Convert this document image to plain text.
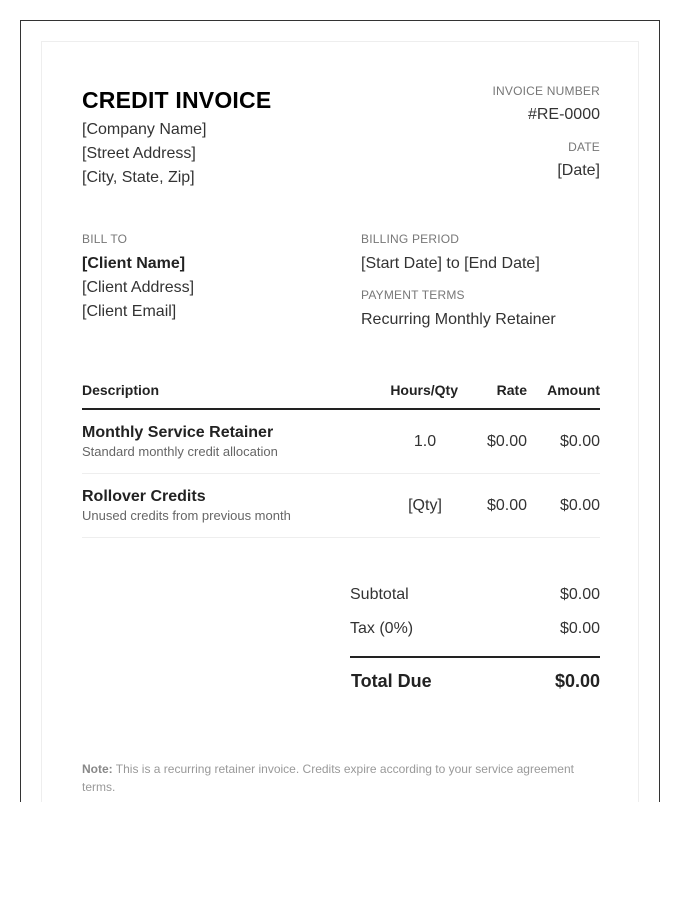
CREDIT INVOICE
[Company Name]
[Street Address]
[City, State, Zip]
INVOICE NUMBER
#RE-0000
DATE
[Date]
BILL TO
[Client Name]
[Client Address]
[Client Email]
BILLING PERIOD
[Start Date] to [End Date]
PAYMENT TERMS
Recurring Monthly Retainer
Description	Hours/Qty	Rate	Amount
Monthly Service Retainer
Standard monthly credit allocation
1.0	$0.00	$0.00
Rollover Credits
Unused credits from previous month
[Qty]	$0.00	$0.00
Subtotal	$0.00
Tax (0%)	$0.00
Total Due	$0.00
Note: This is a recurring retainer invoice. Credits expire according to your service agreement terms.
